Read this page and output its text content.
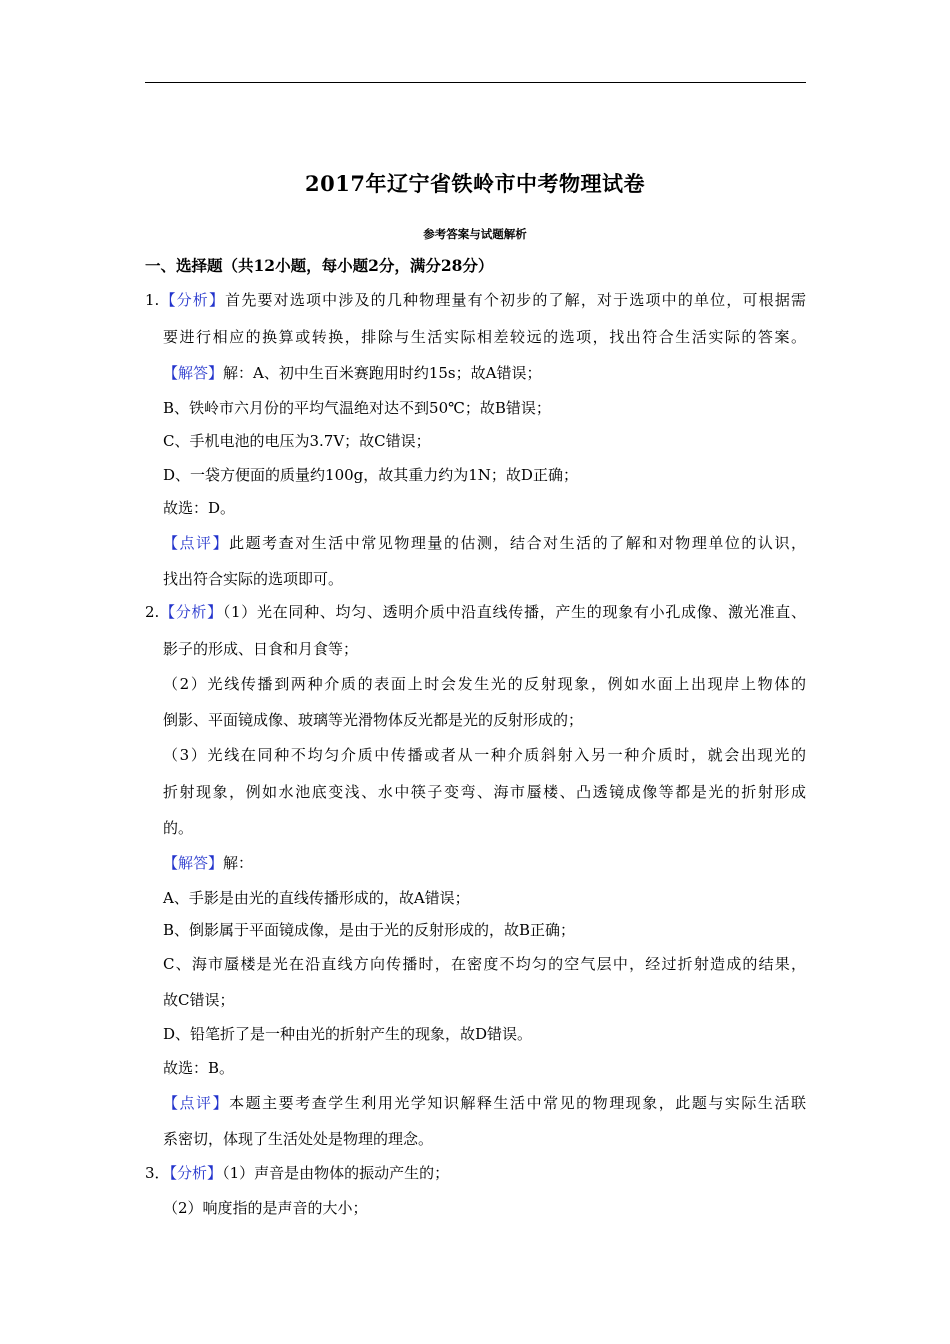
2017年辽宁省铁岭市中考物理试卷
参考答案与试题解析
一、选择题（共12小题，每小题2分，满分28分）
1.【分析】首先要对选项中涉及的几种物理量有个初步的了解，对于选项中的单位，可根据需
要进行相应的换算或转换，排除与生活实际相差较远的选项，找出符合生活实际的答案。
【解答】解：A、初中生百米赛跑用时约15s；故A错误；
B、铁岭市六月份的平均气温绝对达不到50℃；故B错误；
C、手机电池的电压为3.7V；故C错误；
D、一袋方便面的质量约100g，故其重力约为1N；故D正确；
故选：D。
【点评】此题考查对生活中常见物理量的估测，结合对生活的了解和对物理单位的认识，
找出符合实际的选项即可。
2.【分析】（1）光在同种、均匀、透明介质中沿直线传播，产生的现象有小孔成像、激光准直、
影子的形成、日食和月食等；
（2）光线传播到两种介质的表面上时会发生光的反射现象，例如水面上出现岸上物体的
倒影、平面镜成像、玻璃等光滑物体反光都是光的反射形成的；
（3）光线在同种不均匀介质中传播或者从一种介质斜射入另一种介质时，就会出现光的
折射现象，例如水池底变浅、水中筷子变弯、海市蜃楼、凸透镜成像等都是光的折射形成
的。
【解答】解：
A、手影是由光的直线传播形成的，故A错误；
B、倒影属于平面镜成像，是由于光的反射形成的，故B正确；
C、海市蜃楼是光在沿直线方向传播时，在密度不均匀的空气层中，经过折射造成的结果，
故C错误；
D、铅笔折了是一种由光的折射产生的现象，故D错误。
故选：B。
【点评】本题主要考查学生利用光学知识解释生活中常见的物理现象，此题与实际生活联
系密切，体现了生活处处是物理的理念。
3．【分析】（1）声音是由物体的振动产生的；
（2）响度指的是声音的大小；
